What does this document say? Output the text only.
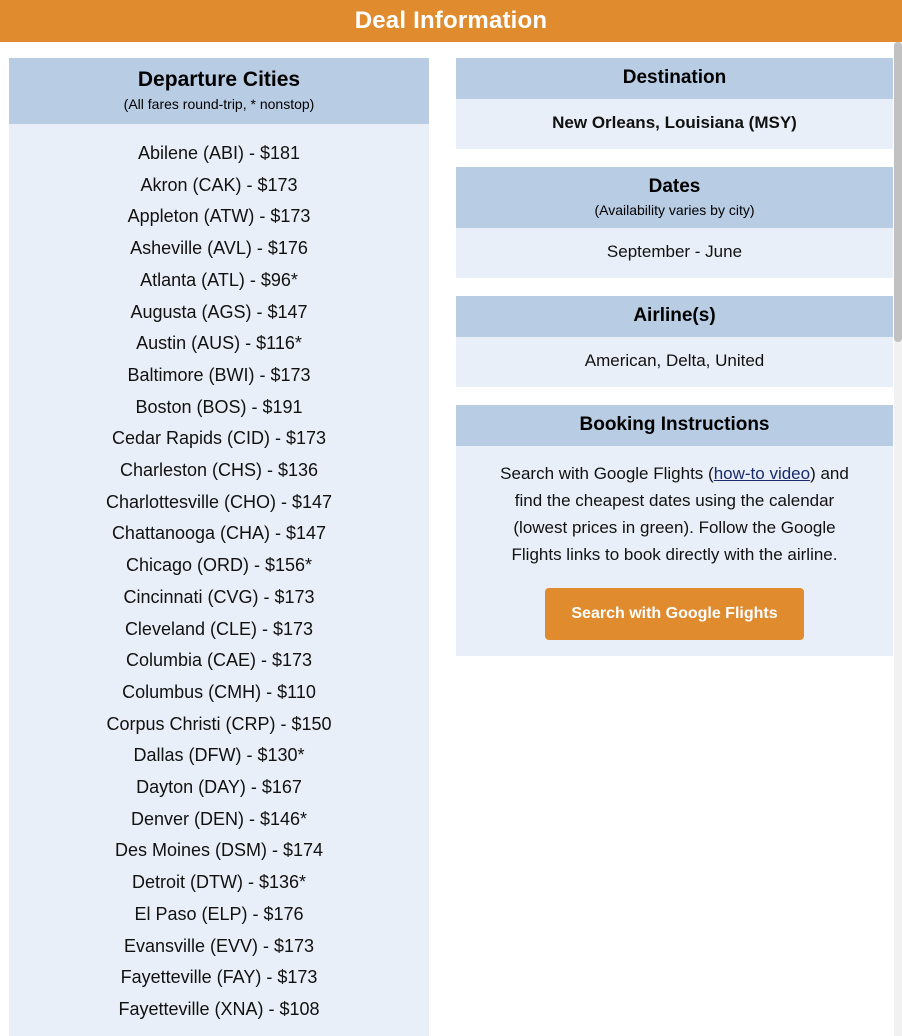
Deal Information
Departure Cities
(All fares round-trip, * nonstop)
Abilene (ABI) - $181
Akron (CAK) - $173
Appleton (ATW) - $173
Asheville (AVL) - $176
Atlanta (ATL) - $96*
Augusta (AGS) - $147
Austin (AUS) - $116*
Baltimore (BWI) - $173
Boston (BOS) - $191
Cedar Rapids (CID) - $173
Charleston (CHS) - $136
Charlottesville (CHO) - $147
Chattanooga (CHA) - $147
Chicago (ORD) - $156*
Cincinnati (CVG) - $173
Cleveland (CLE) - $173
Columbia (CAE) - $173
Columbus (CMH) - $110
Corpus Christi (CRP) - $150
Dallas (DFW) - $130*
Dayton (DAY) - $167
Denver (DEN) - $146*
Des Moines (DSM) - $174
Detroit (DTW) - $136*
El Paso (ELP) - $176
Evansville (EVV) - $173
Fayetteville (FAY) - $173
Fayetteville (XNA) - $108
Destination
New Orleans, Louisiana (MSY)
Dates
(Availability varies by city)
September - June
Airline(s)
American, Delta, United
Booking Instructions
Search with Google Flights (how-to video) and find the cheapest dates using the calendar (lowest prices in green). Follow the Google Flights links to book directly with the airline.
Search with Google Flights
